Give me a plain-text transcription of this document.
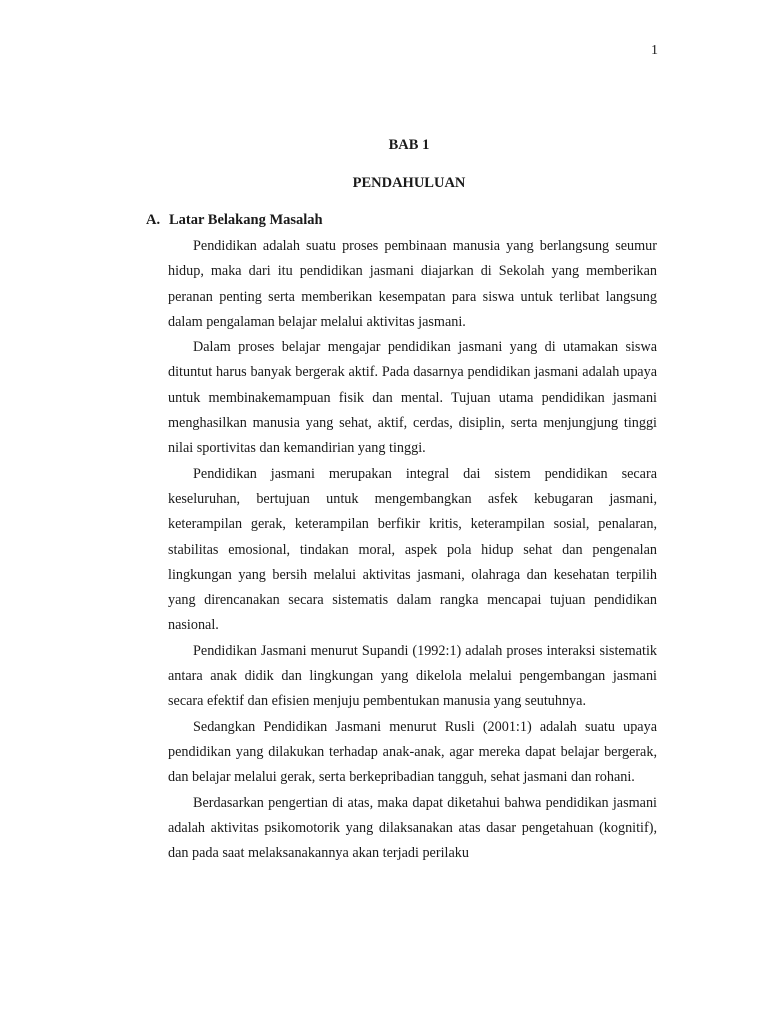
1
BAB 1
PENDAHULUAN
A. Latar Belakang Masalah

Pendidikan adalah suatu proses pembinaan manusia yang berlangsung seumur hidup, maka dari itu pendidikan jasmani diajarkan di Sekolah yang memberikan peranan penting serta memberikan kesempatan para siswa untuk terlibat langsung dalam pengalaman belajar melalui aktivitas jasmani.

Dalam proses belajar mengajar pendidikan jasmani yang di utamakan siswa dituntut harus banyak bergerak aktif. Pada dasarnya pendidikan jasmani adalah upaya untuk membinakemampuan fisik dan mental. Tujuan utama pendidikan jasmani menghasilkan manusia yang sehat, aktif, cerdas, disiplin, serta menjungjung tinggi nilai sportivitas dan kemandirian yang tinggi.

Pendidikan jasmani merupakan integral dai sistem pendidikan secara keseluruhan, bertujuan untuk mengembangkan asfek kebugaran jasmani, keterampilan gerak, keterampilan berfikir kritis, keterampilan sosial, penalaran, stabilitas emosional, tindakan moral, aspek pola hidup sehat dan pengenalan lingkungan yang bersih melalui aktivitas jasmani, olahraga dan kesehatan terpilih yang direncanakan secara sistematis dalam rangka mencapai tujuan pendidikan nasional.

Pendidikan Jasmani menurut Supandi (1992:1) adalah proses interaksi sistematik antara anak didik dan lingkungan yang dikelola melalui pengembangan jasmani secara efektif dan efisien menjuju pembentukan manusia yang seutuhnya.

Sedangkan Pendidikan Jasmani menurut Rusli (2001:1) adalah suatu upaya pendidikan yang dilakukan terhadap anak-anak, agar mereka dapat belajar bergerak, dan belajar melalui gerak, serta berkepribadian tangguh, sehat jasmani dan rohani.

Berdasarkan pengertian di atas, maka dapat diketahui bahwa pendidikan jasmani adalah aktivitas psikomotorik yang dilaksanakan atas dasar pengetahuan (kognitif), dan pada saat melaksanakannya akan terjadi perilaku
